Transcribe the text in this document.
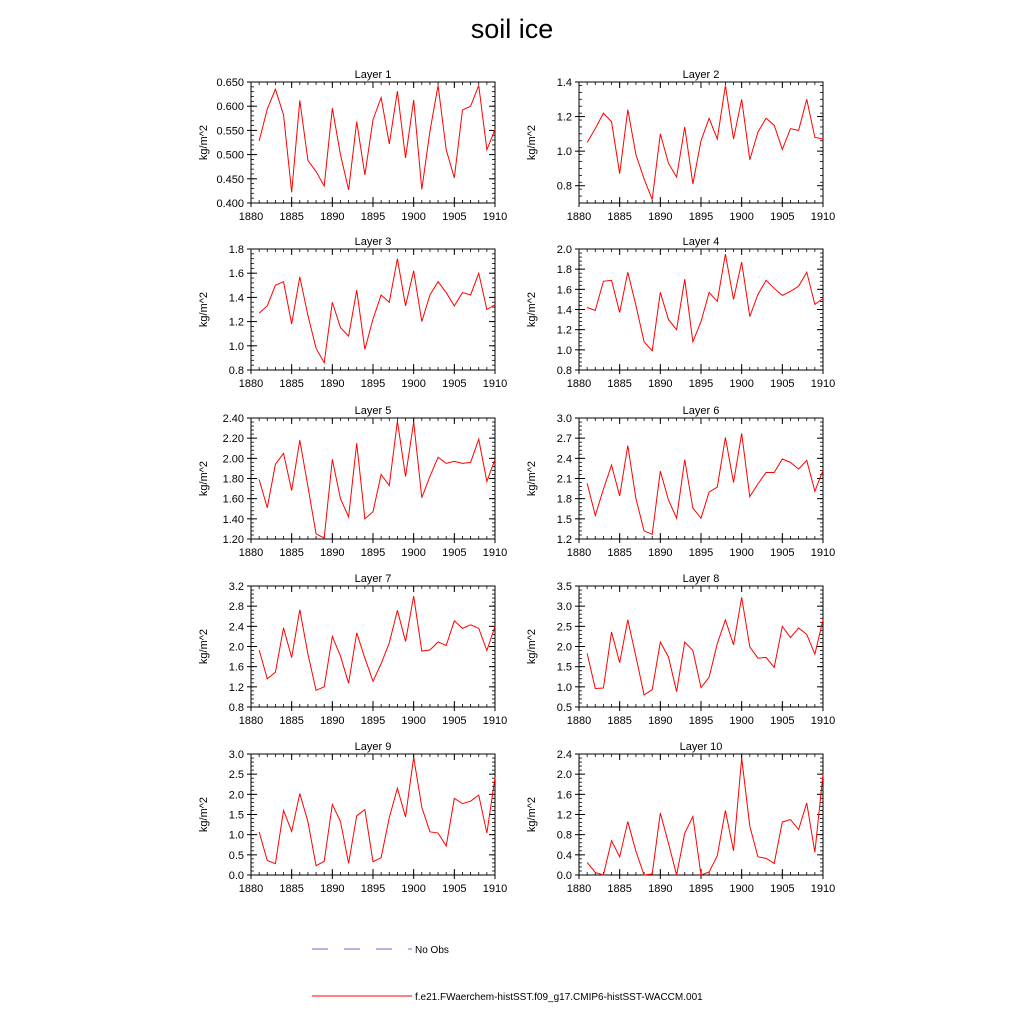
soil ice
Layer 1
kg/m^2
1880 1885 1890 1895 1900 1905 1910
0.400
0.450
0.500
0.550
0.600
0.650
Layer 2
kg/m^2
1880 1885 1890 1895 1900 1905 1910
0.8
1.0
1.2
1.4
Layer 3
kg/m^2
1880 1885 1890 1895 1900 1905 1910
0.8
1.0
1.2
1.4
1.6
1.8
Layer 4
kg/m^2
1880 1885 1890 1895 1900 1905 1910
0.8
1.0
1.2
1.4
1.6
1.8
2.0
Layer 5
kg/m^2
1880 1885 1890 1895 1900 1905 1910
1.20
1.40
1.60
1.80
2.00
2.20
2.40
Layer 6
kg/m^2
1880 1885 1890 1895 1900 1905 1910
1.2
1.5
1.8
2.1
2.4
2.7
3.0
Layer 7
kg/m^2
1880 1885 1890 1895 1900 1905 1910
0.8
1.2
1.6
2.0
2.4
2.8
3.2
Layer 8
kg/m^2
1880 1885 1890 1895 1900 1905 1910
0.5
1.0
1.5
2.0
2.5
3.0
3.5
Layer 9
kg/m^2
1880 1885 1890 1895 1900 1905 1910
0.0
0.5
1.0
1.5
2.0
2.5
3.0
Layer 10
kg/m^2
1880 1885 1890 1895 1900 1905 1910
0.0
0.4
0.8
1.2
1.6
2.0
2.4
No Obs
f.e21.FWaerchem-histSST.f09_g17.CMIP6-histSST-WACCM.001
